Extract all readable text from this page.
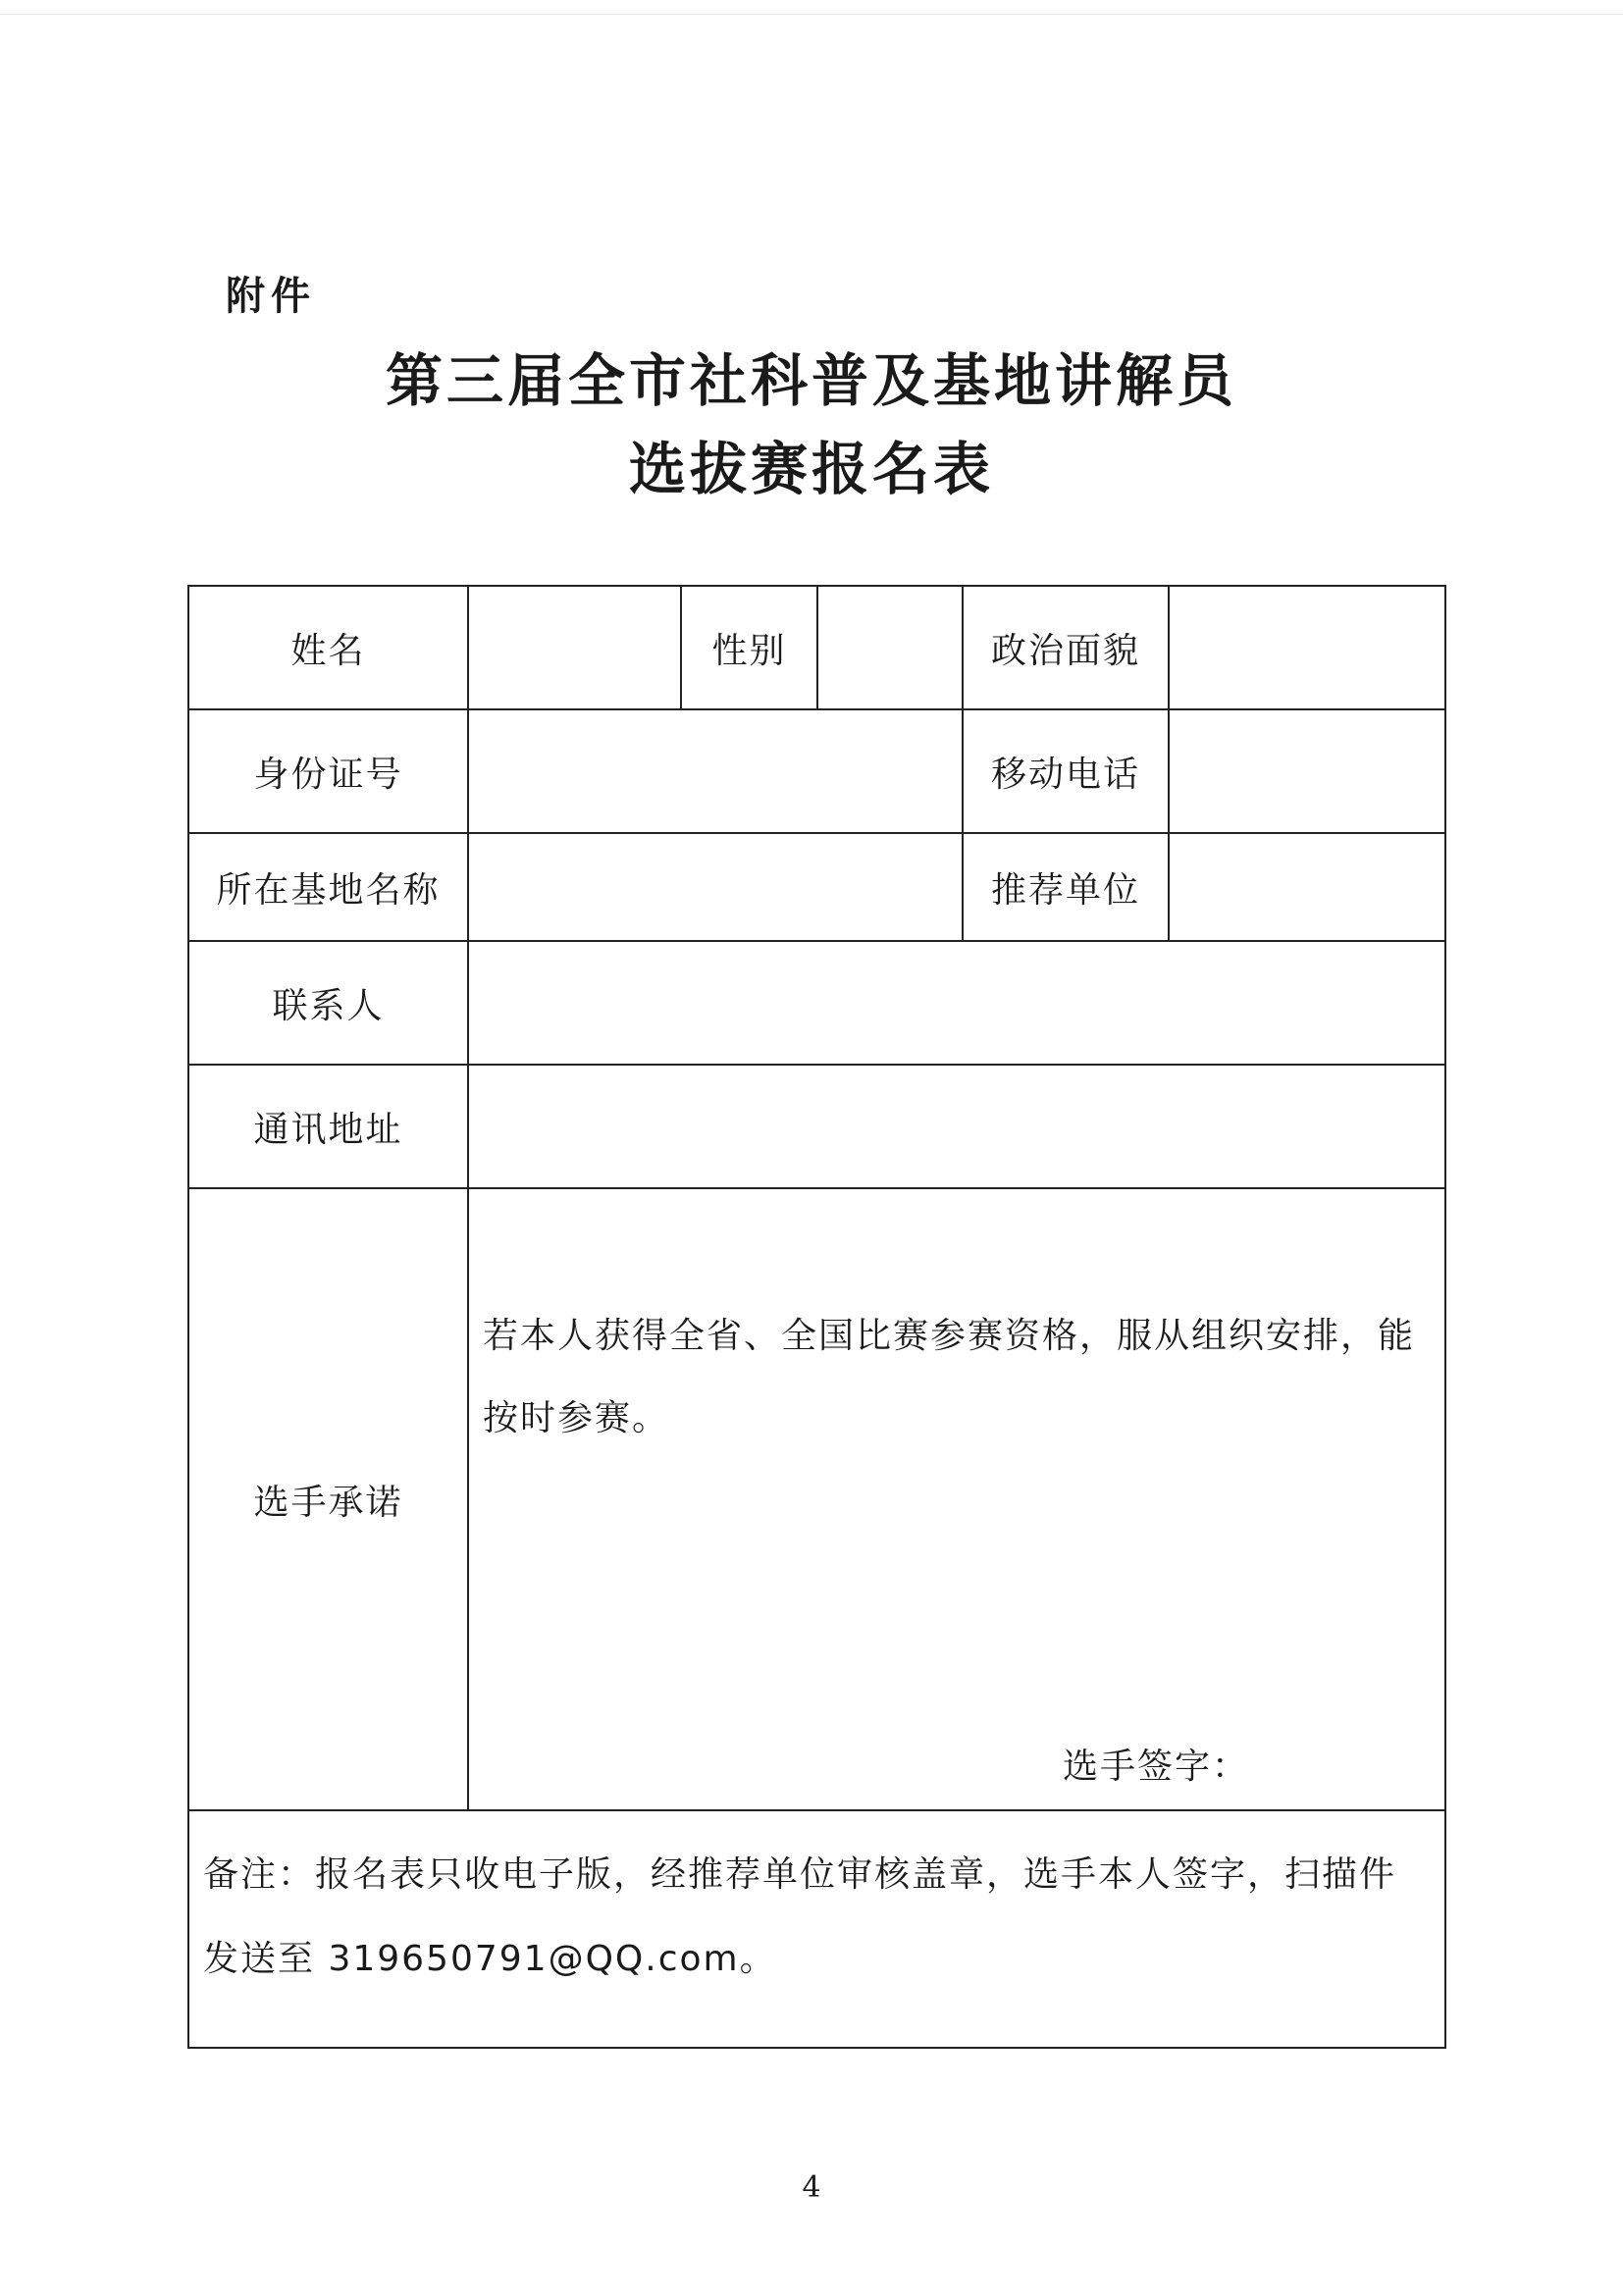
附件
第三届全市社科普及基地讲解员
选拔赛报名表
姓名		性别		政治面貌	
身份证号				移动电话	
所在基地名称				推荐单位	
联系人					
通讯地址					
选手承诺	若本人获得全省、全国比赛参赛资格，服从组织安排，能按时参赛。
选手签字：				

备注：报名表只收电子版，经推荐单位审核盖章，选手本人签字，扫描件发送至 319650791@QQ.com。					
4
